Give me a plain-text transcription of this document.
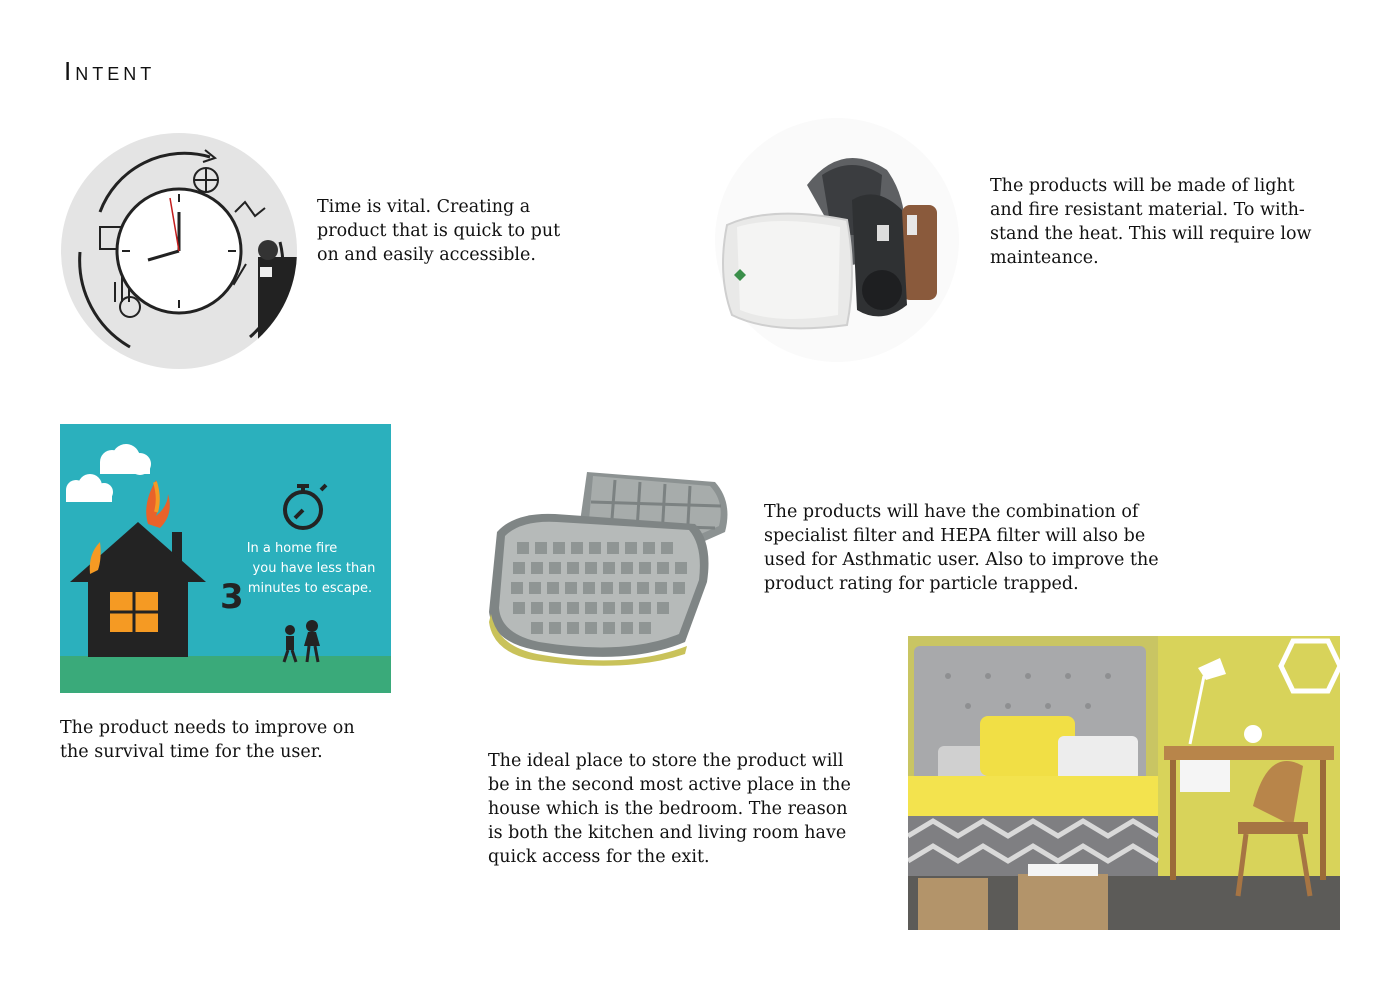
Intent
Time is vital. Creating a
product that is quick to put
on and easily accessible.
The products will be made of light
and fire resistant material. To with-
stand the heat. This will require low
mainteance.
In a home fire
you have less than
3 minutes to escape.
The product needs to improve on
the survival time for the user.
The products will have the combination of
specialist filter and HEPA filter will also be
used for Asthmatic user. Also to improve the
product rating for particle trapped.
The ideal place to store the product will
be in the second most active place in the
house which is the bedroom. The reason
is both the kitchen and living room have
quick access for the exit.
